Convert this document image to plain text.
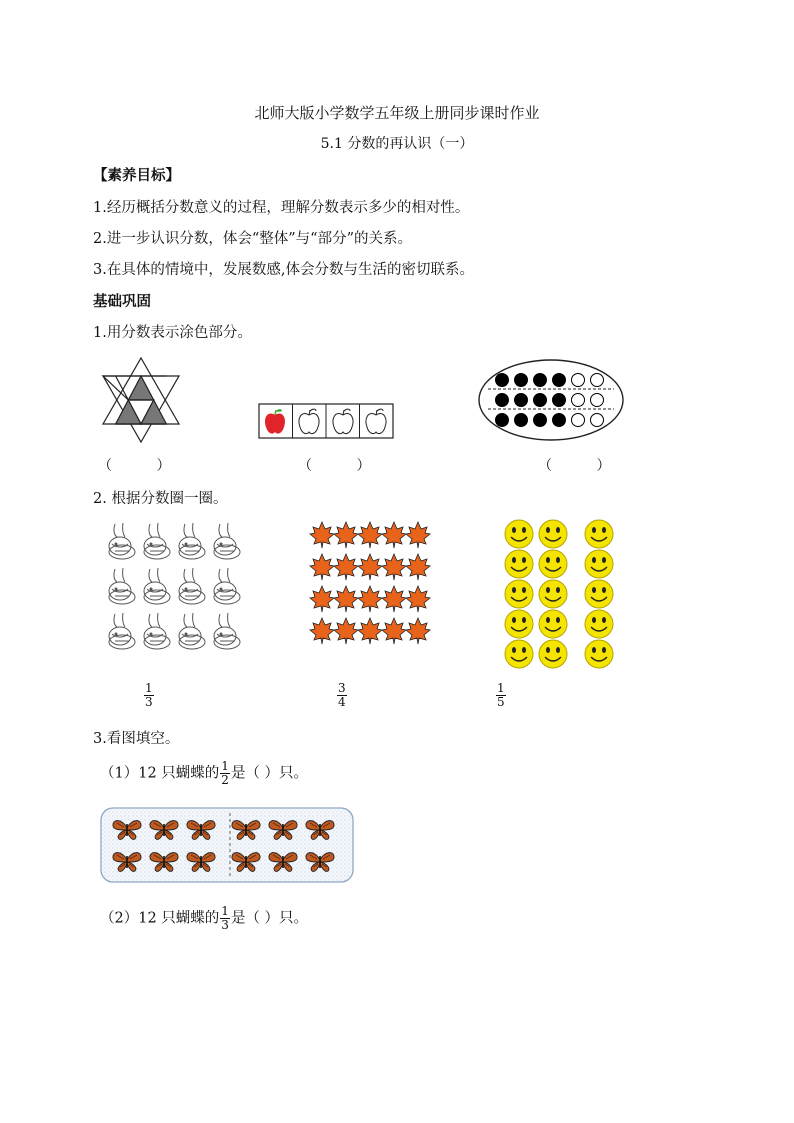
北师大版小学数学五年级上册同步课时作业
5.1 分数的再认识（一）
【素养目标】
1.经历概括分数意义的过程，理解分数表示多少的相对性。
2.进一步认识分数，体会“整体”与“部分”的关系。
3.在具体的情境中，发展数感,体会分数与生活的密切联系。
基础巩固
1.用分数表示涂色部分。
（          ）	（          ）	（          ）
2. 根据分数圈一圈。
$\frac{1}{3}$	$\frac{3}{4}$	$\frac{1}{5}$
3.看图填空。
（1）12 只蝴蝶的 $\frac{1}{2}$ 是（ ）只。
（2）12 只蝴蝶的 $\frac{1}{3}$ 是（ ）只。
